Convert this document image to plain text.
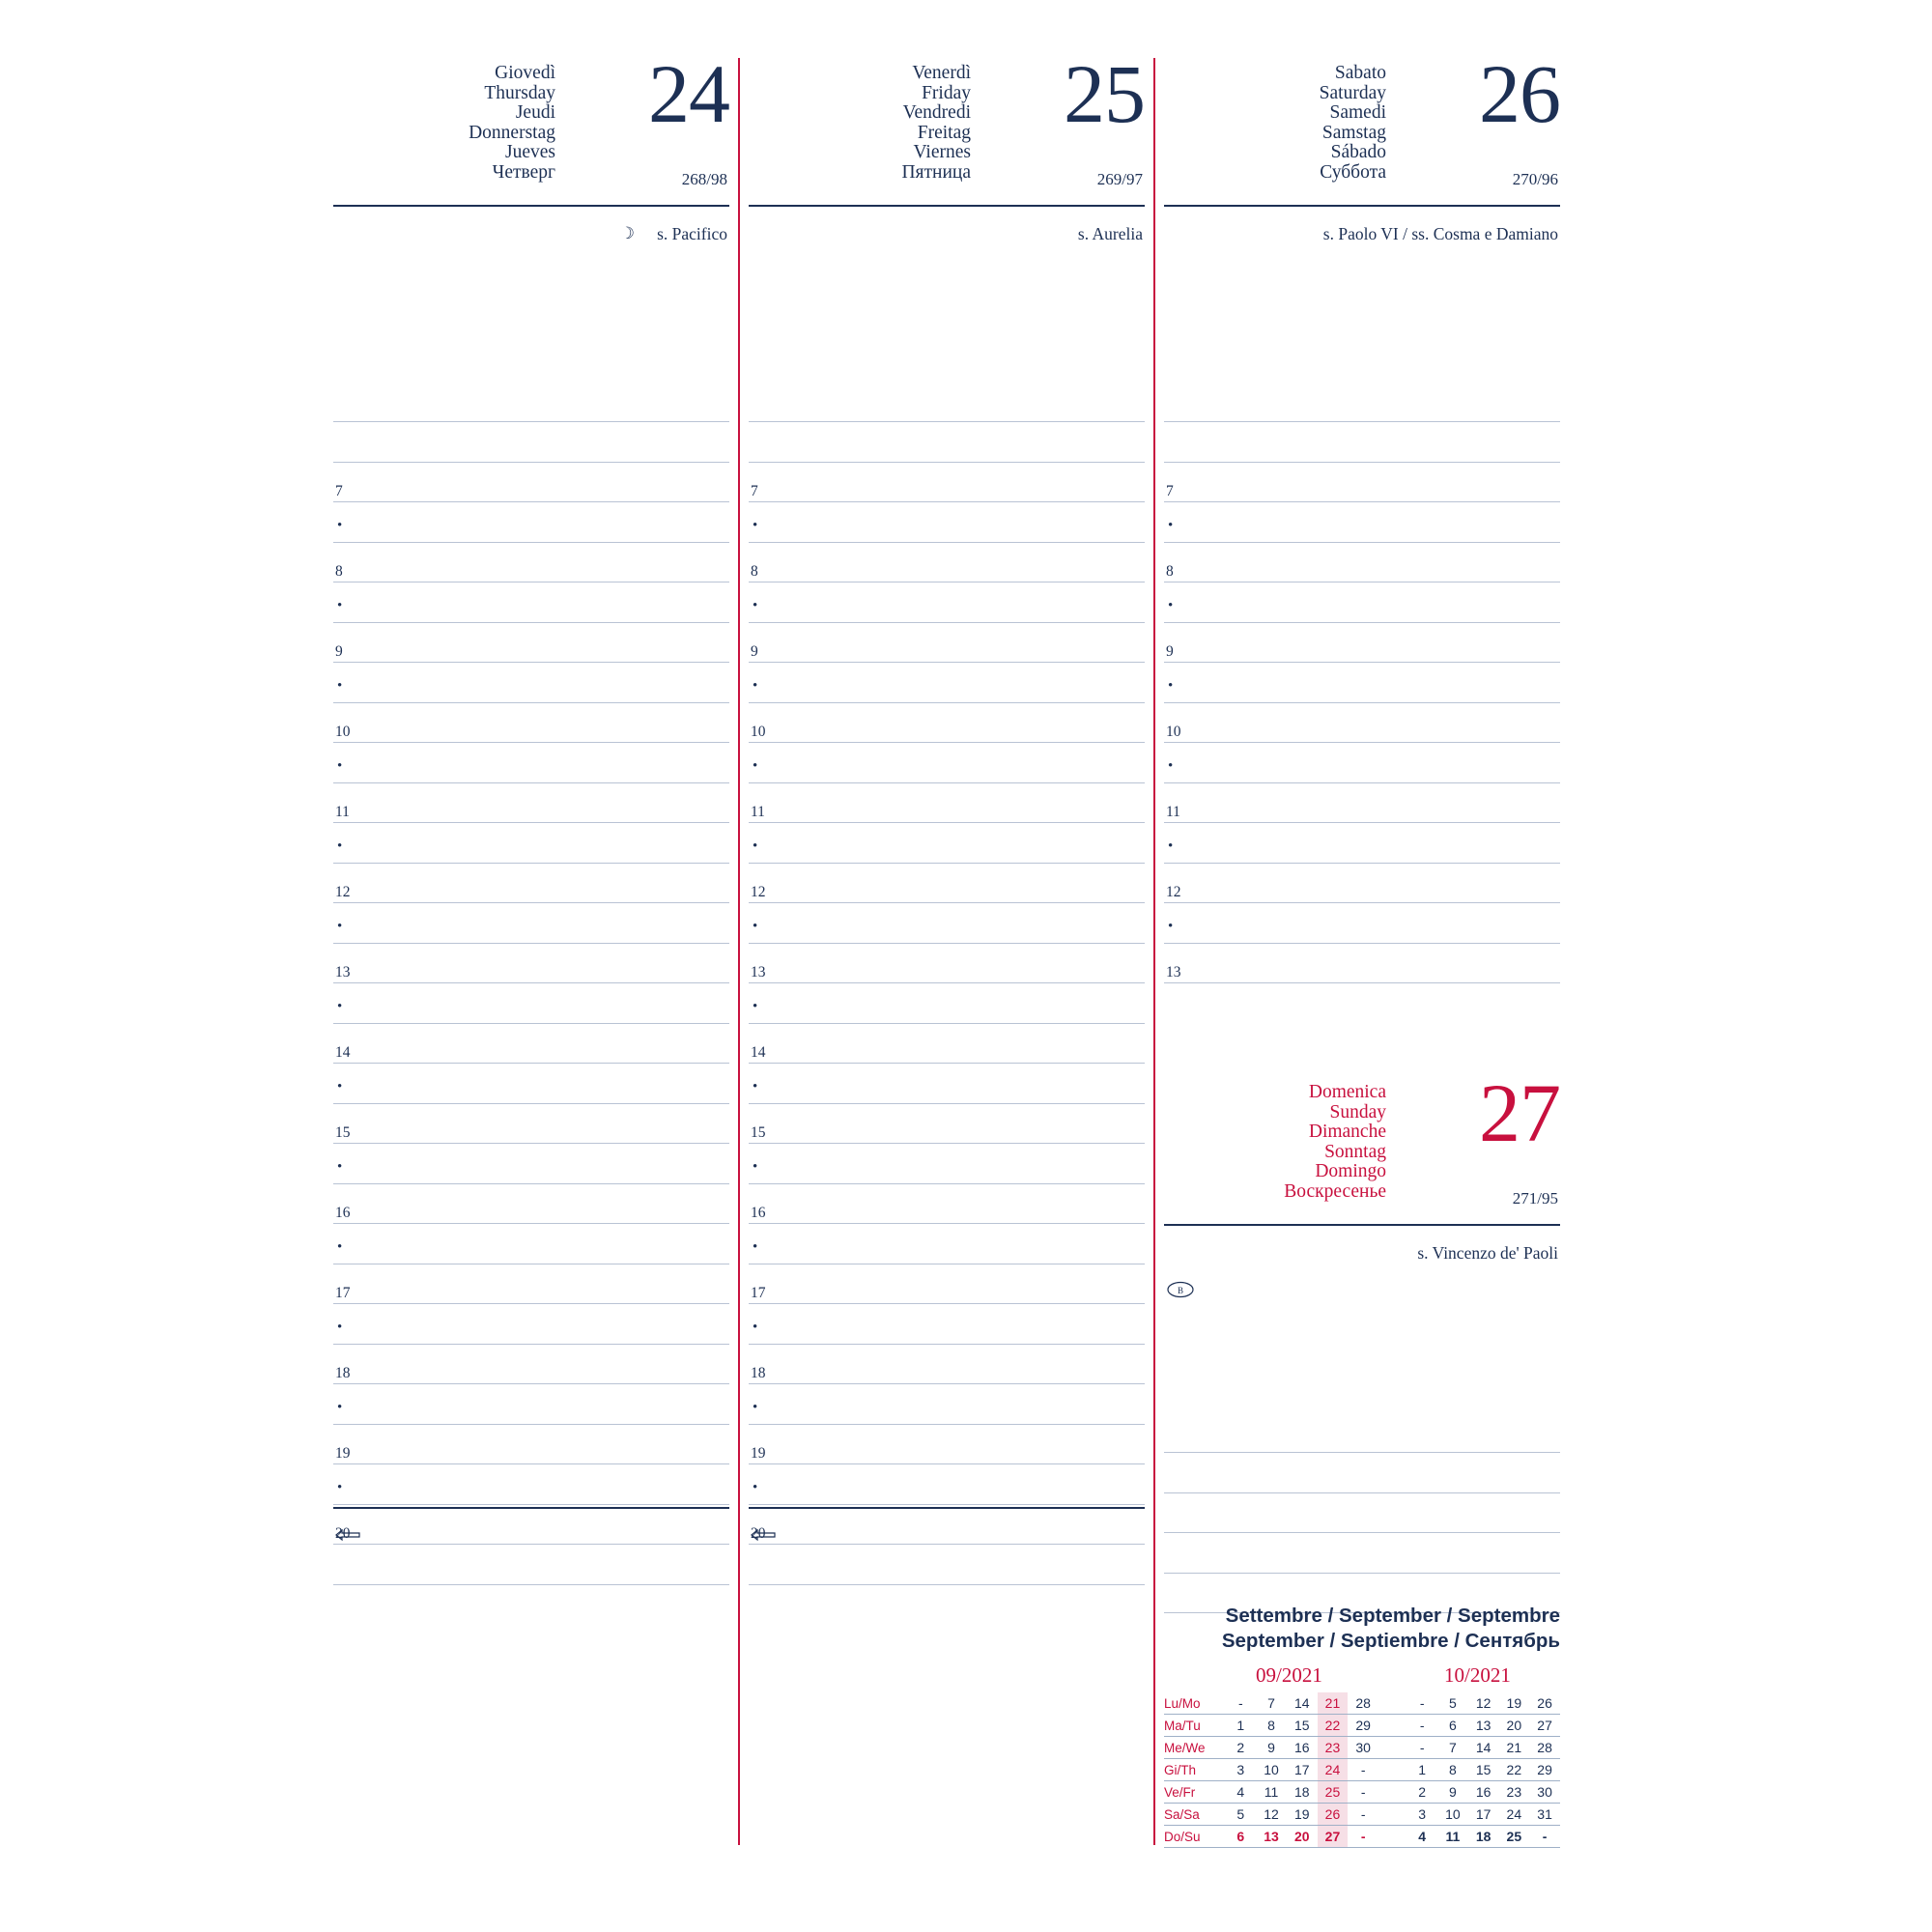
Giovedì
Thursday
Jeudi
Donnerstag
Jueves
Четверг
24
268/98
☽ s. Pacifico
7
•
8
•
9
•
10
•
11
•
12
•
13
•
14
•
15
•
16
•
17
•
18
•
19
•
20
Venerdì
Friday
Vendredi
Freitag
Viernes
Пятница
25
269/97
s. Aurelia
7
•
8
•
9
•
10
•
11
•
12
•
13
•
14
•
15
•
16
•
17
•
18
•
19
•
20
Sabato
Saturday
Samedi
Samstag
Sábado
Суббота
26
270/96
s. Paolo VI / ss. Cosma e Damiano
7
•
8
•
9
•
10
•
11
•
12
•
13
Domenica
Sunday
Dimanche
Sonntag
Domingo
Воскресенье
27
271/95
s. Vincenzo de' Paoli
B
Settembre / September / Septembre
September / Septiembre / Сентябрь
09/2021	10/2021
Lu/Mo	-	7	14	21	28		-	5	12	19	26
Ma/Tu	1	8	15	22	29		-	6	13	20	27
Me/We	2	9	16	23	30		-	7	14	21	28
Gi/Th	3	10	17	24	-		1	8	15	22	29
Ve/Fr	4	11	18	25	-		2	9	16	23	30
Sa/Sa	5	12	19	26	-		3	10	17	24	31
Do/Su	6	13	20	27	-		4	11	18	25	-
